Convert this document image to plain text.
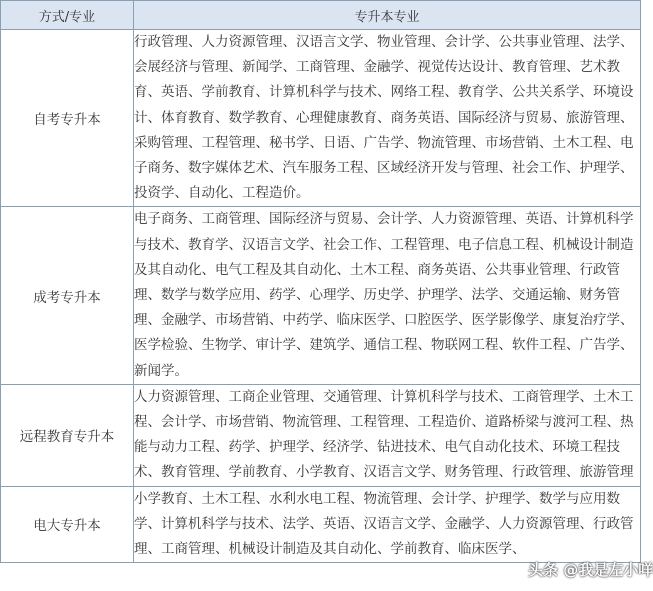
方式/专业	专升本专业
自考专升本	行政管理、人力资源管理、汉语言文学、物业管理、会计学、公共事业管理、法学、会展经济与管理、新闻学、工商管理、金融学、视觉传达设计、教育管理、艺术教育、英语、学前教育、计算机科学与技术、网络工程、教育学、公共关系学、环境设计、体育教育、数学教育、心理健康教育、商务英语、国际经济与贸易、旅游管理、采购管理、工程管理、秘书学、日语、广告学、物流管理、市场营销、土木工程、电子商务、数字媒体艺术、汽车服务工程、区域经济开发与管理、社会工作、护理学、投资学、自动化、工程造价。
成考专升本	电子商务、工商管理、国际经济与贸易、会计学、人力资源管理、英语、计算机科学与技术、教育学、汉语言文学、社会工作、工程管理、电子信息工程、机械设计制造及其自动化、电气工程及其自动化、土木工程、商务英语、公共事业管理、行政管理、数学与数学应用、药学、心理学、历史学、护理学、法学、交通运输、财务管理、金融学、市场营销、中药学、临床医学、口腔医学、医学影像学、康复治疗学、医学检验、生物学、审计学、建筑学、通信工程、物联网工程、软件工程、广告学、新闻学。
远程教育专升本	人力资源管理、工商企业管理、交通管理、计算机科学与技术、工商管理学、土木工程、会计学、市场营销、物流管理、工程管理、工程造价、道路桥梁与渡河工程、热能与动力工程、药学、护理学、经济学、钻进技术、电气自动化技术、环境工程技术、教育管理、学前教育、小学教育、汉语言文学、财务管理、行政管理、旅游管理
电大专升本	小学教育、土木工程、水利水电工程、物流管理、会计学、护理学、数学与应用数学、计算机科学与技术、法学、英语、汉语言文学、金融学、人力资源管理、行政管理、工商管理、机械设计制造及其自动化、学前教育、临床医学、
头条 @我是左小咩
